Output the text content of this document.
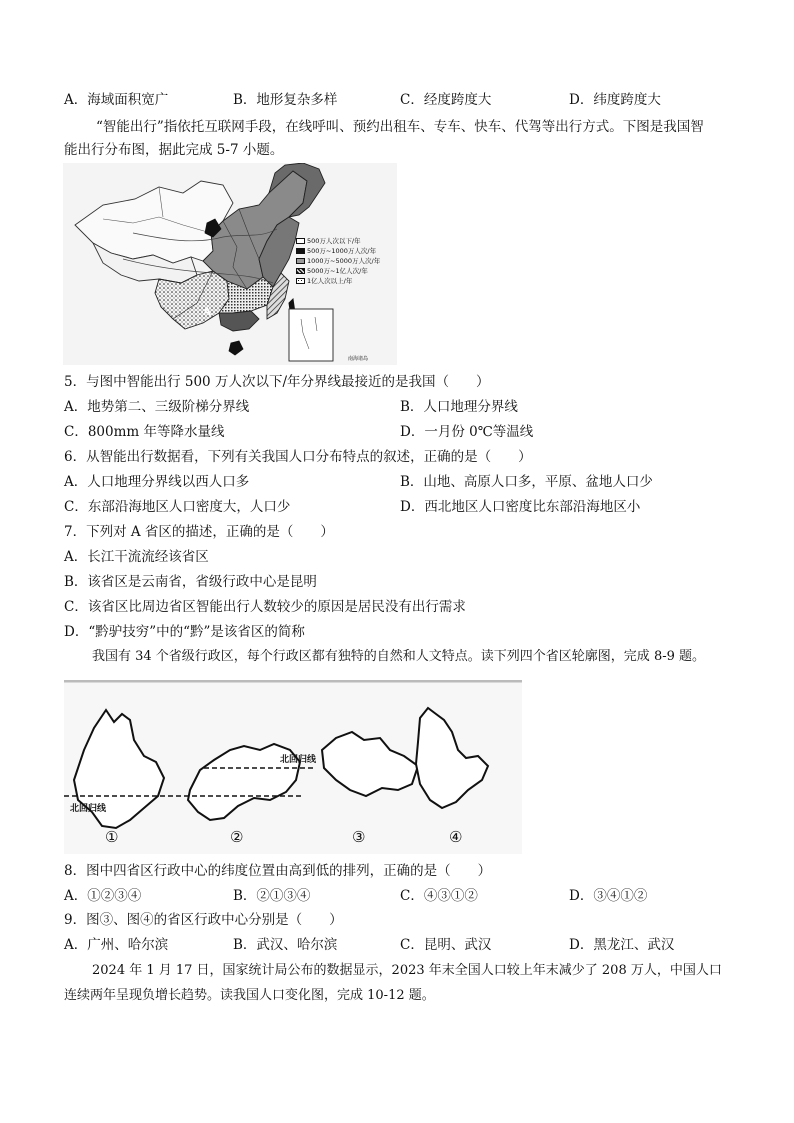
A．海域面积宽广	B．地形复杂多样	C．经度跨度大	D．纬度跨度大
“智能出行”指依托互联网手段，在线呼叫、预约出租车、专车、快车、代驾等出行方式。下图是我国智
能出行分布图，据此完成 5-7 小题。
500万人次以下/年
500万~1000万人次/年
1000万~5000万人次/年
5000万~1亿人次/年
1亿人次以上/年
A
南海诸岛
5．与图中智能出行 500 万人次以下/年分界线最接近的是我国（　　）
A．地势第二、三级阶梯分界线	B．人口地理分界线
C．800mm 年等降水量线	D．一月份 0℃等温线
6．从智能出行数据看，下列有关我国人口分布特点的叙述，正确的是（　　）
A．人口地理分界线以西人口多	B．山地、高原人口多，平原、盆地人口少
C．东部沿海地区人口密度大，人口少	D．西北地区人口密度比东部沿海地区小
7．下列对 A 省区的描述，正确的是（　　）
A．长江干流流经该省区
B．该省区是云南省，省级行政中心是昆明
C．该省区比周边省区智能出行人数较少的原因是居民没有出行需求
D．“黔驴技穷”中的“黔”是该省区的简称
我国有 34 个省级行政区，每个行政区都有独特的自然和人文特点。读下列四个省区轮廓图，完成 8-9 题。
北回归线
北回归线
①	②	③	④
8．图中四省区行政中心的纬度位置由高到低的排列，正确的是（　　）
A．①②③④	B．②①③④	C．④③①②	D．③④①②
9．图③、图④的省区行政中心分别是（　　）
A．广州、哈尔滨	B．武汉、哈尔滨	C．昆明、武汉	D．黑龙江、武汉
2024 年 1 月 17 日，国家统计局公布的数据显示，2023 年末全国人口较上年末减少了 208 万人，中国人口
连续两年呈现负增长趋势。读我国人口变化图，完成 10-12 题。
